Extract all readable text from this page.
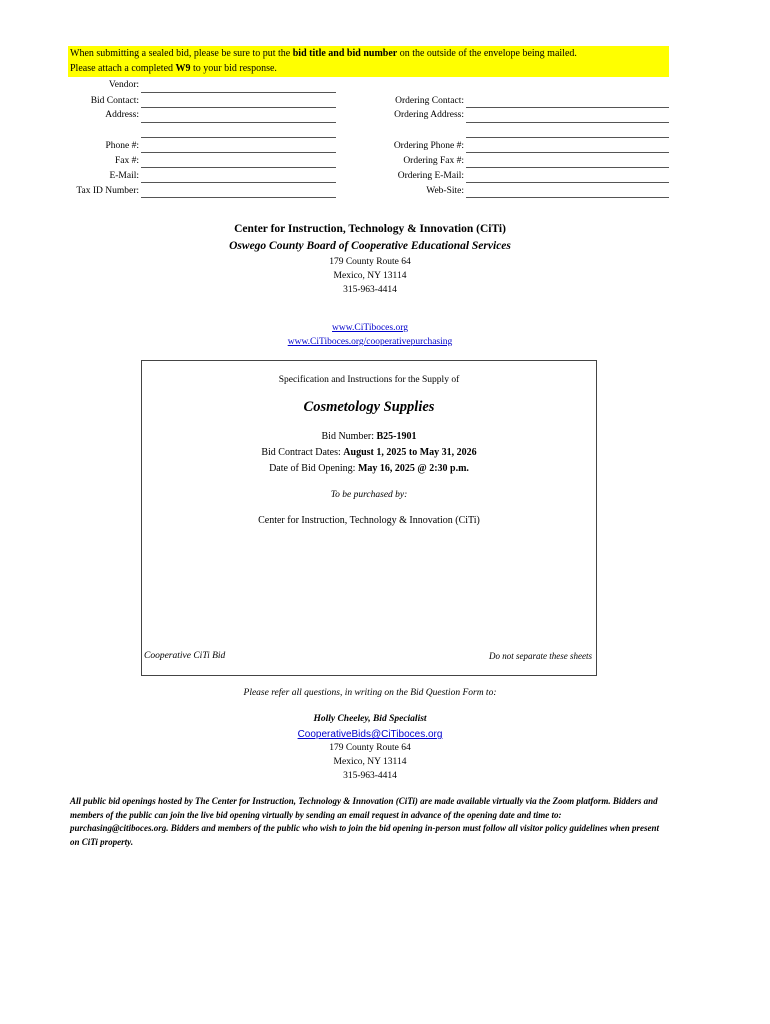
When submitting a sealed bid, please be sure to put the bid title and bid number on the outside of the envelope being mailed.
Please attach a completed W9 to your bid response.
Vendor:
Bid Contact:
Address:
Phone #:
Fax #:
E-Mail:
Tax ID Number:
Ordering Contact:
Ordering Address:
Ordering Phone #:
Ordering Fax #:
Ordering E-Mail:
Web-Site:
Center for Instruction, Technology & Innovation (CiTi)
Oswego County Board of Cooperative Educational Services
179 County Route 64
Mexico, NY 13114
315-963-4414
www.CiTiboces.org
www.CiTiboces.org/cooperativepurchasing
Specification and Instructions for the Supply of
Cosmetology Supplies
Bid Number: B25-1901
Bid Contract Dates: August 1, 2025 to May 31, 2026
Date of Bid Opening: May 16, 2025 @ 2:30 p.m.
To be purchased by:
Center for Instruction, Technology & Innovation (CiTi)
Cooperative CiTi Bid	Do not separate these sheets
Please refer all questions, in writing on the Bid Question Form to:
Holly Cheeley, Bid Specialist
CooperativeBids@CiTiboces.org
179 County Route 64
Mexico, NY 13114
315-963-4414
All public bid openings hosted by The Center for Instruction, Technology & Innovation (CiTi) are made available virtually via the Zoom platform. Bidders and members of the public can join the live bid opening virtually by sending an email request in advance of the opening date and time to: purchasing@citiboces.org. Bidders and members of the public who wish to join the bid opening in-person must follow all visitor policy guidelines when present on CiTi property.
